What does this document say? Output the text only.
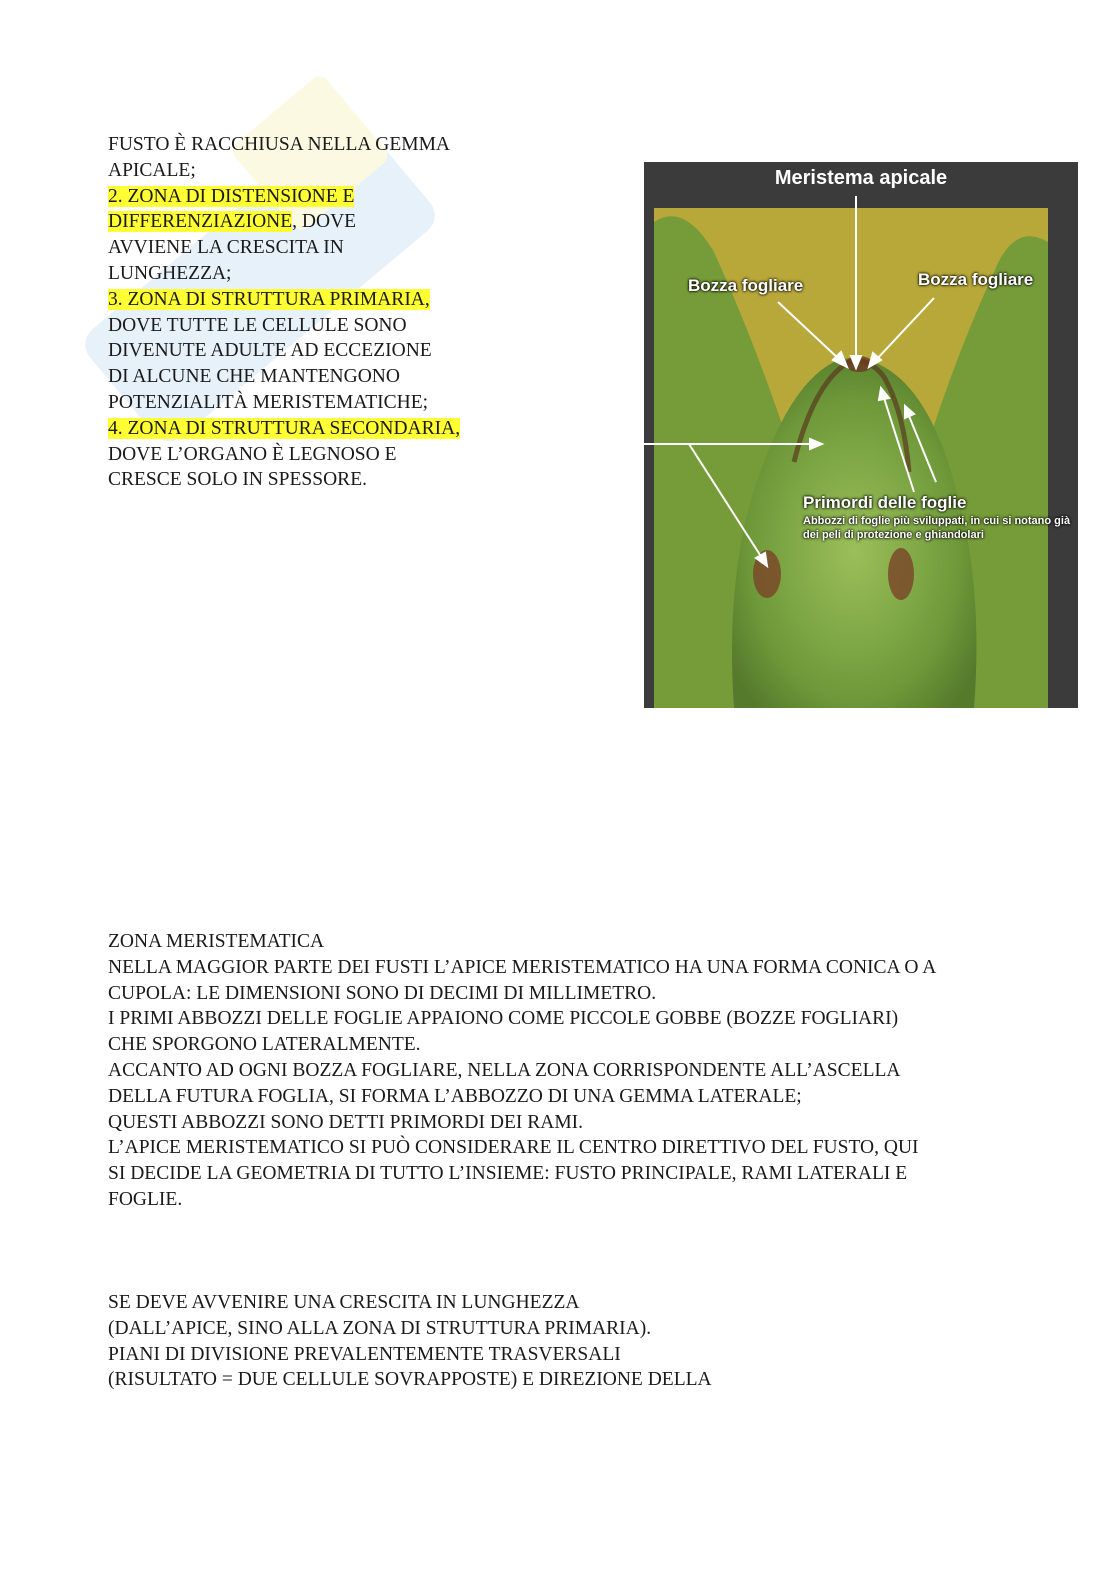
FUSTO È RACCHIUSA NELLA GEMMA

APICALE;

2. ZONA DI DISTENSIONE E

DIFFERENZIAZIONE, DOVE

AVVIENE LA CRESCITA IN

LUNGHEZZA;

3. ZONA DI STRUTTURA PRIMARIA,

DOVE TUTTE LE CELLULE SONO

DIVENUTE ADULTE AD ECCEZIONE

DI ALCUNE CHE MANTENGONO

POTENZIALITÀ MERISTEMATICHE;

4. ZONA DI STRUTTURA SECONDARIA,

DOVE L’ORGANO È LEGNOSO E

CRESCE SOLO IN SPESSORE.

Meristema apicale
Bozza fogliare	Bozza fogliare
Primordi delle foglie
Abbozzi di foglie più sviluppati, in cui si notano già dei peli di protezione e ghiandolari

ZONA MERISTEMATICA

NELLA MAGGIOR PARTE DEI FUSTI L’APICE MERISTEMATICO HA UNA FORMA CONICA O A

CUPOLA: LE DIMENSIONI SONO DI DECIMI DI MILLIMETRO.

I PRIMI ABBOZZI DELLE FOGLIE APPAIONO COME PICCOLE GOBBE (BOZZE FOGLIARI)

CHE SPORGONO LATERALMENTE.

ACCANTO AD OGNI BOZZA FOGLIARE, NELLA ZONA CORRISPONDENTE ALL’ASCELLA

DELLA FUTURA FOGLIA, SI FORMA L’ABBOZZO DI UNA GEMMA LATERALE;

QUESTI ABBOZZI SONO DETTI PRIMORDI DEI RAMI.

L’APICE MERISTEMATICO SI PUÒ CONSIDERARE IL CENTRO DIRETTIVO DEL FUSTO, QUI

SI DECIDE LA GEOMETRIA DI TUTTO L’INSIEME: FUSTO PRINCIPALE, RAMI LATERALI E

FOGLIE.

SE DEVE AVVENIRE UNA CRESCITA IN LUNGHEZZA

(DALL’APICE, SINO ALLA ZONA DI STRUTTURA PRIMARIA).

PIANI DI DIVISIONE PREVALENTEMENTE TRASVERSALI

(RISULTATO = DUE CELLULE SOVRAPPOSTE) E DIREZIONE DELLA
